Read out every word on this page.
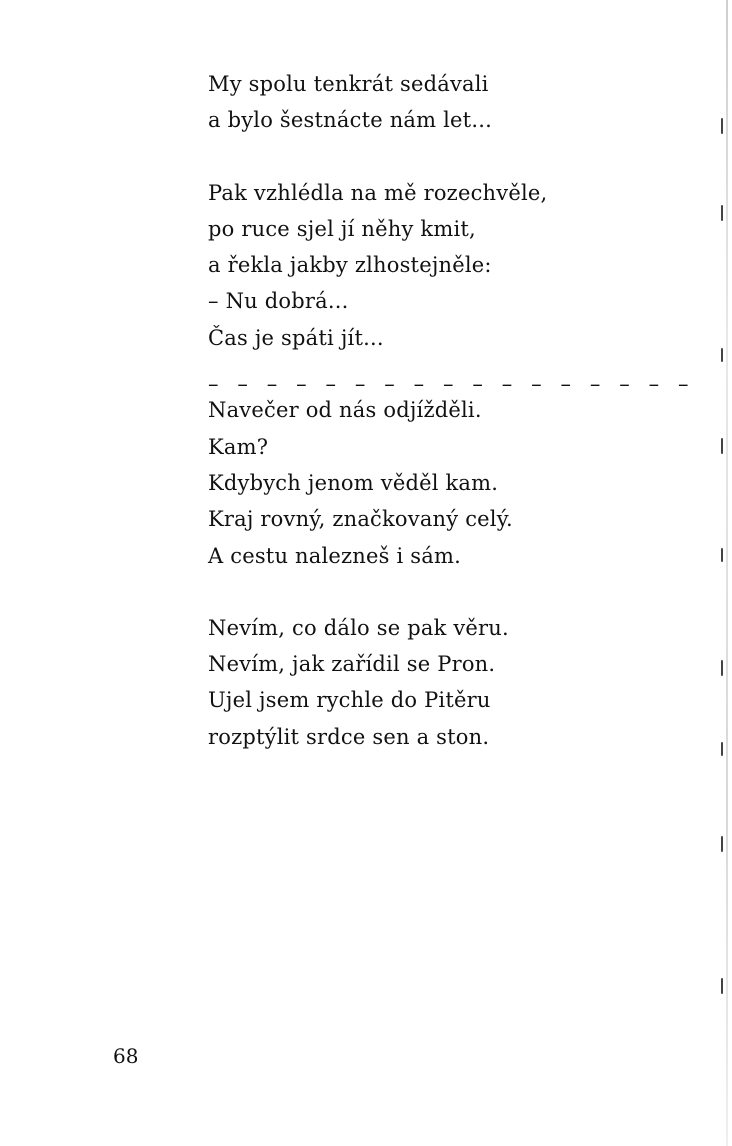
My spolu tenkrát sedávali
a bylo šestnácte nám let...

Pak vzhlédla na mě rozechvěle,
po ruce sjel jí něhy kmit,
a řekla jakby zlhostejněle:
– Nu dobrá...
Čas je spáti jít...

– – – – – – – – – – – – – – – – –

Navečer od nás odjížděli.
Kam?
Kdybych jenom věděl kam.
Kraj rovný, značkovaný celý.
A cestu nalezneš i sám.

Nevím, co dálo se pak věru.
Nevím, jak zařídil se Pron.
Ujel jsem rychle do Pitěru
rozptýlit srdce sen a ston.

68
